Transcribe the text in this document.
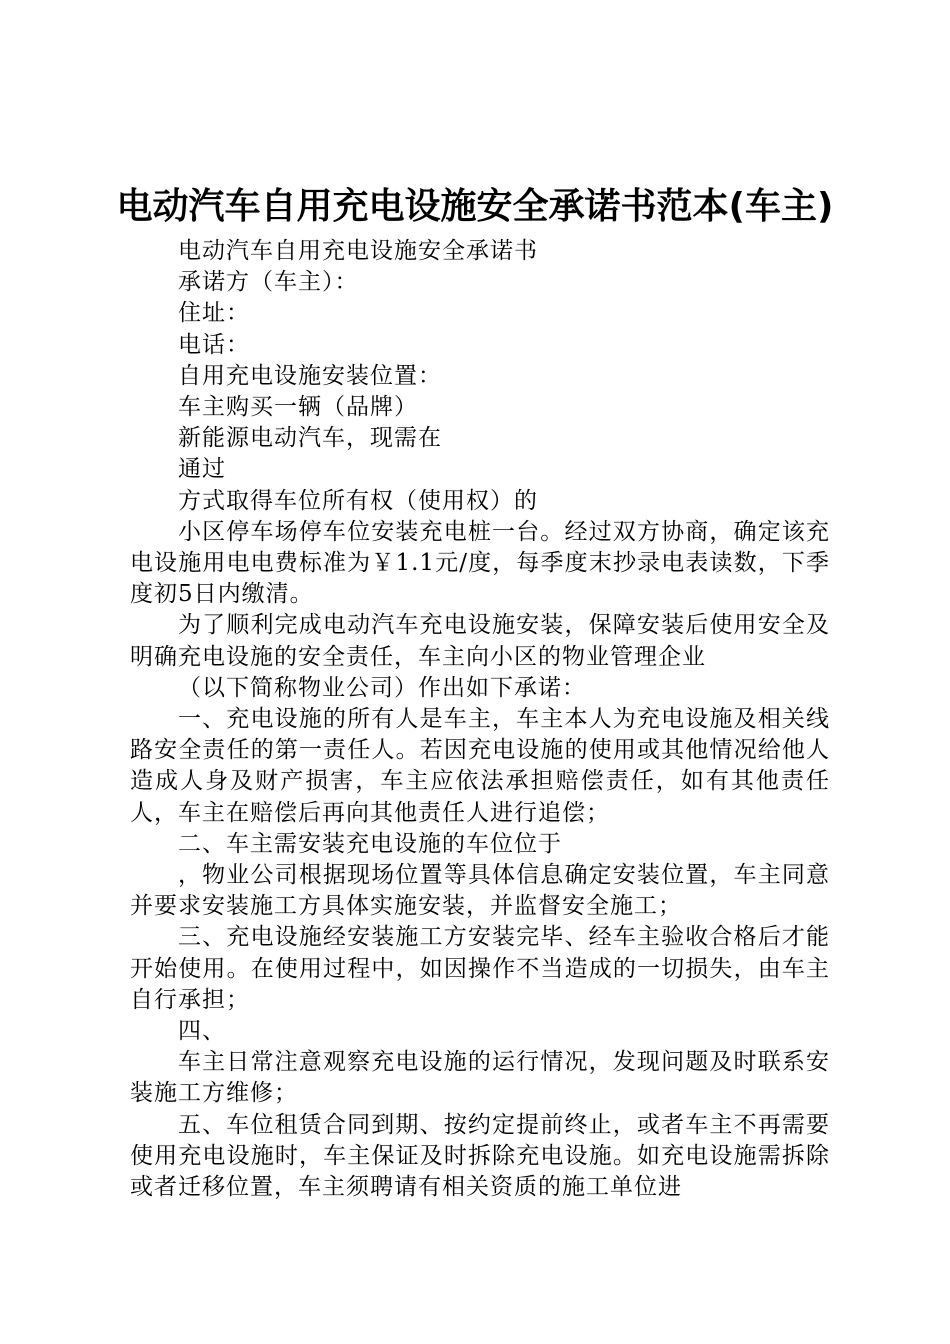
电动汽车自用充电设施安全承诺书范本(车主)

电动汽车自用充电设施安全承诺书

承诺方（车主）：

住址：

电话：

自用充电设施安装位置：

车主购买一辆（品牌）

新能源电动汽车，现需在

通过

方式取得车位所有权（使用权）的

小区停车场停车位安装充电桩一台。经过双方协商，确定该充电设施用电电费标准为￥1.1元/度，每季度末抄录电表读数，下季度初5日内缴清。

为了顺利完成电动汽车充电设施安装，保障安装后使用安全及明确充电设施的安全责任，车主向小区的物业管理企业

（以下简称物业公司）作出如下承诺：

一、充电设施的所有人是车主，车主本人为充电设施及相关线路安全责任的第一责任人。若因充电设施的使用或其他情况给他人造成人身及财产损害，车主应依法承担赔偿责任，如有其他责任人，车主在赔偿后再向其他责任人进行追偿；

二、车主需安装充电设施的车位位于

，物业公司根据现场位置等具体信息确定安装位置，车主同意并要求安装施工方具体实施安装，并监督安全施工；

三、充电设施经安装施工方安装完毕、经车主验收合格后才能开始使用。在使用过程中，如因操作不当造成的一切损失，由车主自行承担；

四、

车主日常注意观察充电设施的运行情况，发现问题及时联系安装施工方维修；

五、车位租赁合同到期、按约定提前终止，或者车主不再需要使用充电设施时，车主保证及时拆除充电设施。如充电设施需拆除或者迁移位置，车主须聘请有相关资质的施工单位进
